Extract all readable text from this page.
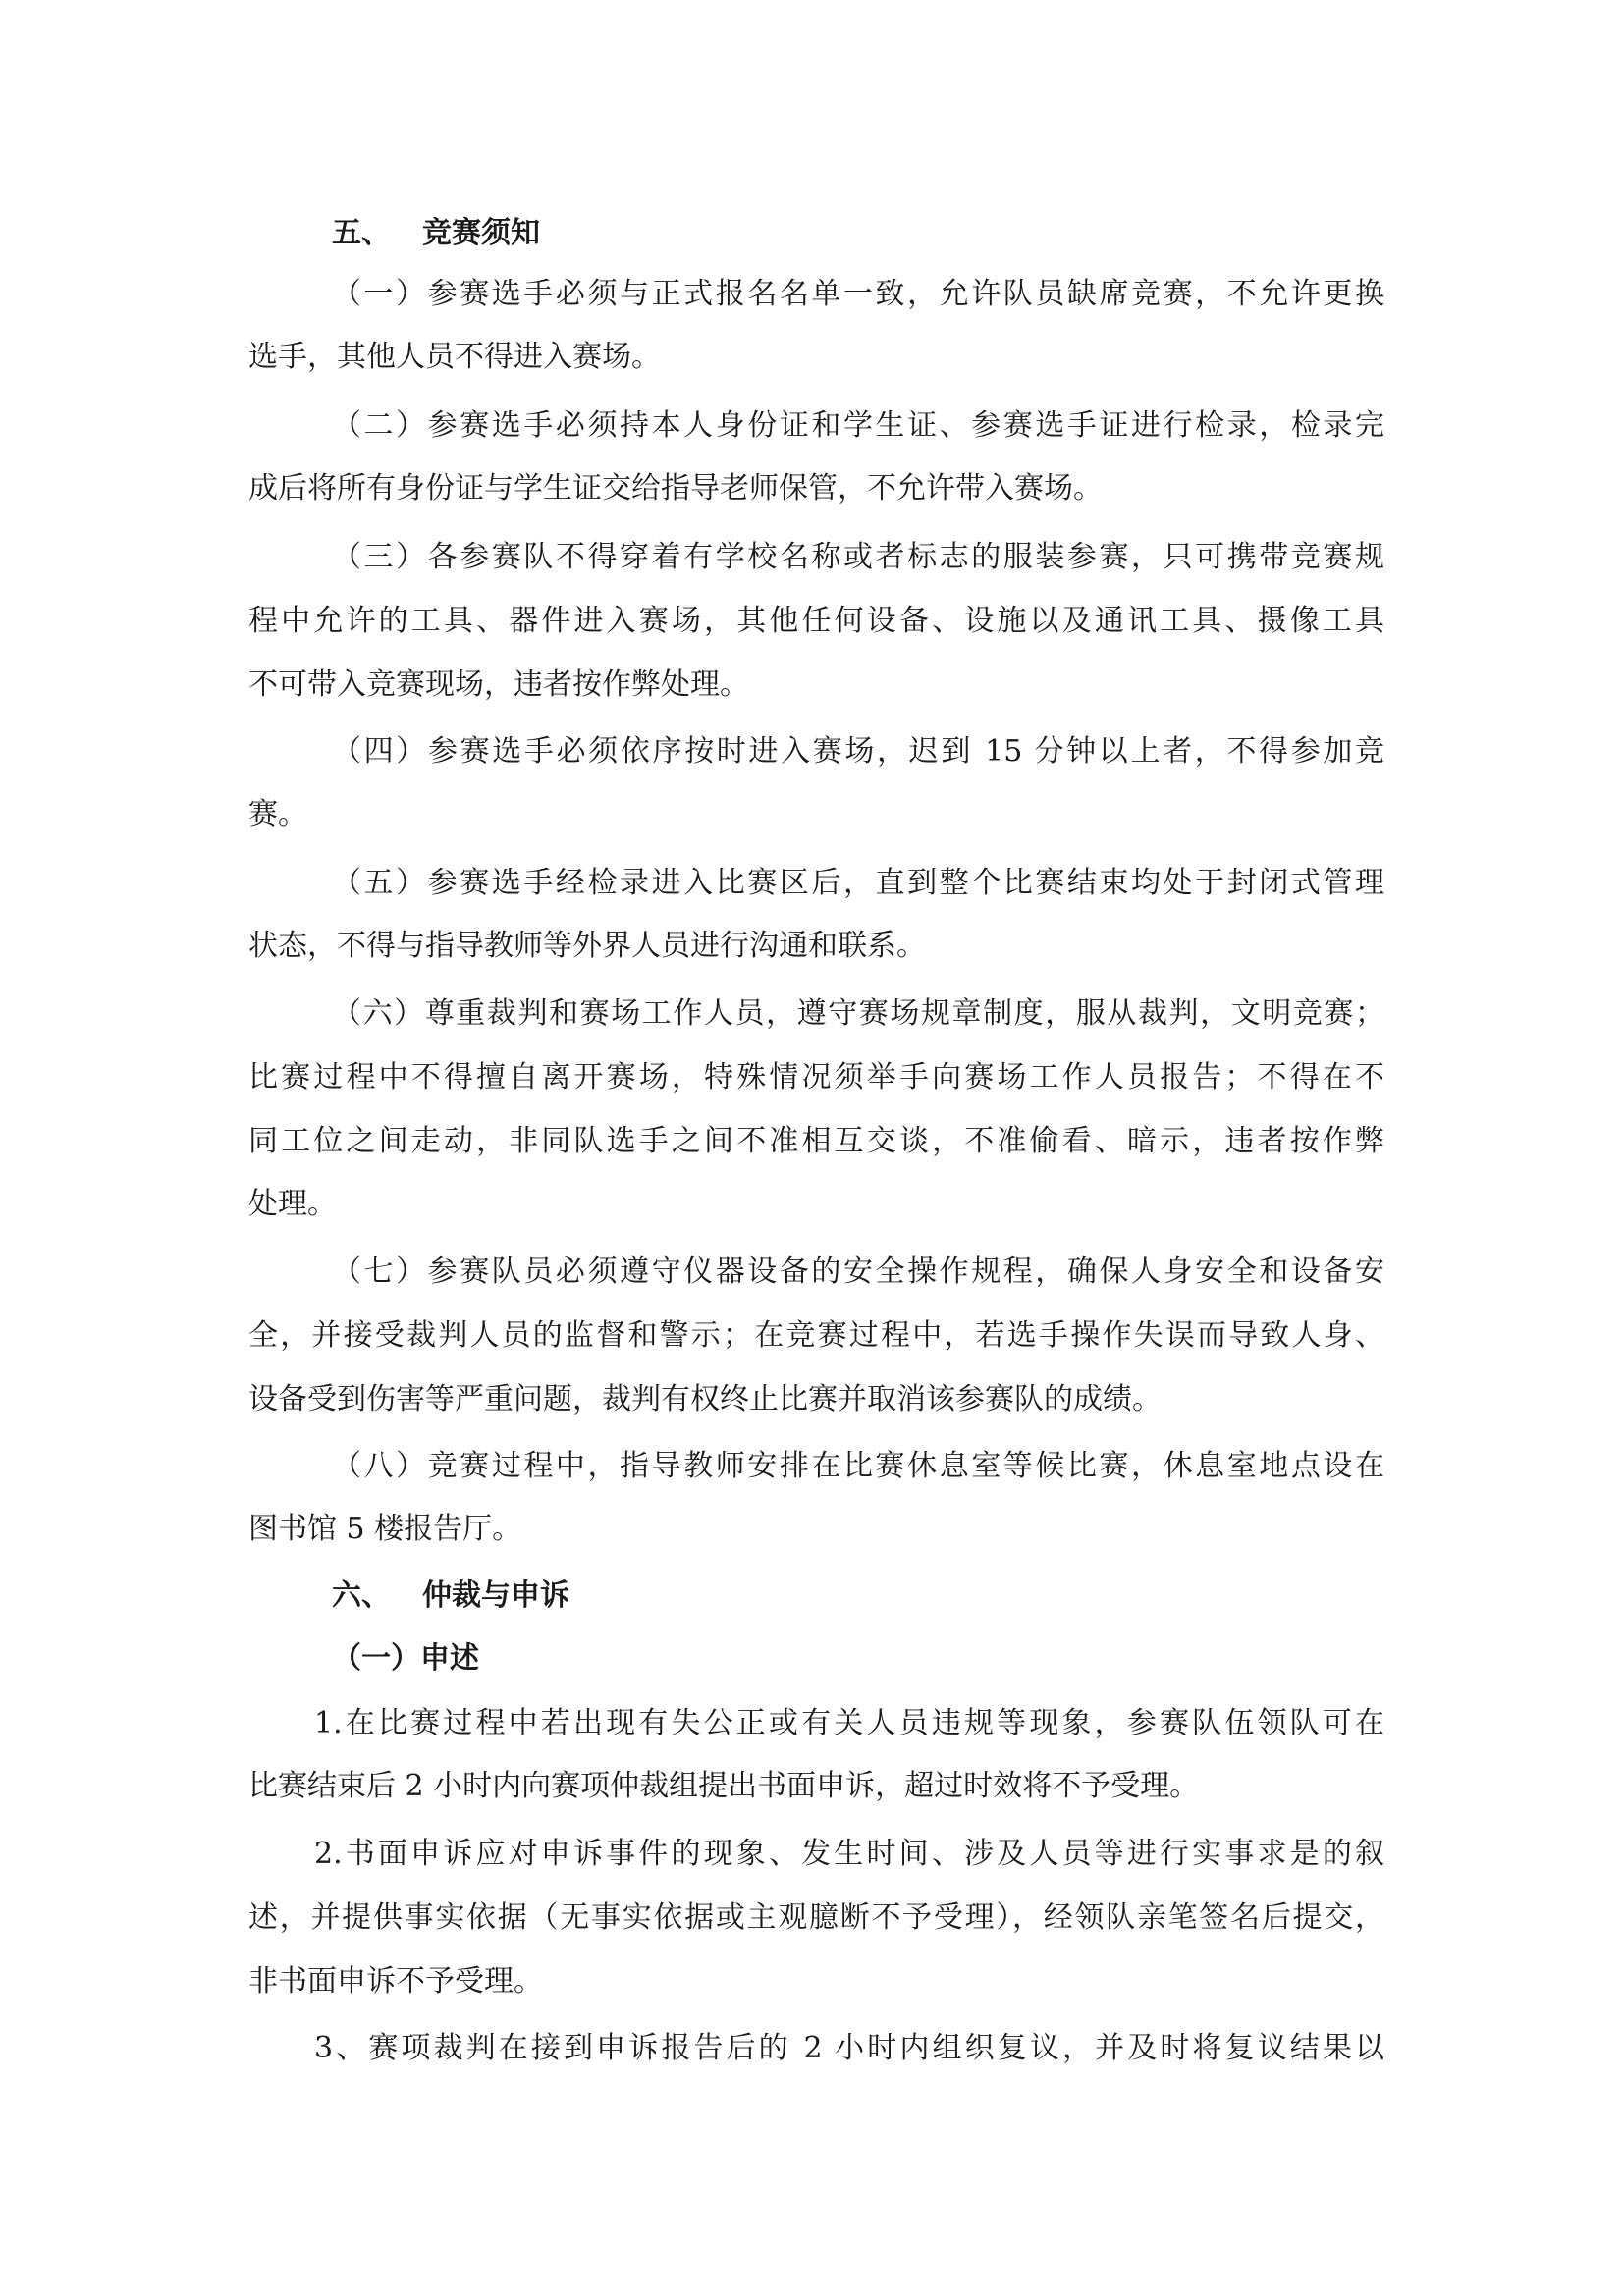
五、 竞赛须知
（一）参赛选手必须与正式报名名单一致，允许队员缺席竞赛，不允许更换
选手，其他人员不得进入赛场。
（二）参赛选手必须持本人身份证和学生证、参赛选手证进行检录，检录完
成后将所有身份证与学生证交给指导老师保管，不允许带入赛场。
（三）各参赛队不得穿着有学校名称或者标志的服装参赛，只可携带竞赛规
程中允许的工具、器件进入赛场，其他任何设备、设施以及通讯工具、摄像工具
不可带入竞赛现场，违者按作弊处理。
（四）参赛选手必须依序按时进入赛场，迟到 15 分钟以上者，不得参加竞
赛。
（五）参赛选手经检录进入比赛区后，直到整个比赛结束均处于封闭式管理
状态，不得与指导教师等外界人员进行沟通和联系。
（六）尊重裁判和赛场工作人员，遵守赛场规章制度，服从裁判，文明竞赛；
比赛过程中不得擅自离开赛场，特殊情况须举手向赛场工作人员报告；不得在不
同工位之间走动，非同队选手之间不准相互交谈，不准偷看、暗示，违者按作弊
处理。
（七）参赛队员必须遵守仪器设备的安全操作规程，确保人身安全和设备安
全，并接受裁判人员的监督和警示；在竞赛过程中，若选手操作失误而导致人身、
设备受到伤害等严重问题，裁判有权终止比赛并取消该参赛队的成绩。
（八）竞赛过程中，指导教师安排在比赛休息室等候比赛，休息室地点设在
图书馆 5 楼报告厅。
六、 仲裁与申诉
（一）申述
1.在比赛过程中若出现有失公正或有关人员违规等现象，参赛队伍领队可在
比赛结束后 2 小时内向赛项仲裁组提出书面申诉，超过时效将不予受理。
2.书面申诉应对申诉事件的现象、发生时间、涉及人员等进行实事求是的叙
述，并提供事实依据（无事实依据或主观臆断不予受理），经领队亲笔签名后提交，
非书面申诉不予受理。
3、赛项裁判在接到申诉报告后的 2 小时内组织复议，并及时将复议结果以
